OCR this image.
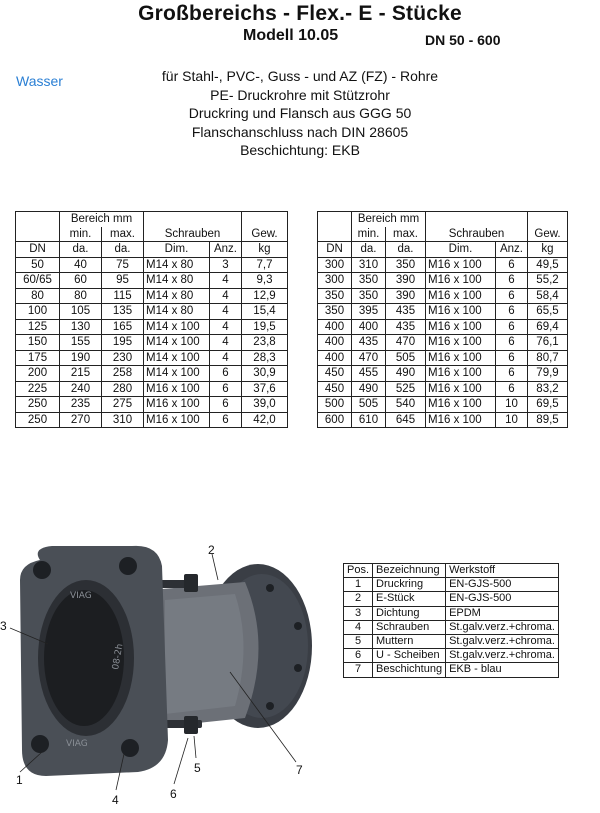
Großbereichs - Flex.- E - Stücke
Modell 10.05	DN 50 - 600
Wasser	für Stahl-, PVC-, Guss - und AZ (FZ) - Rohre
PE- Druckrohre mit Stützrohr
Druckring und Flansch aus GGG 50
Flanschanschluss nach DIN 28605
Beschichtung: EKB
	Bereich mm				
	min.	max.	Schrauben		Gew.
DN	da.	da.	Dim.	Anz.	kg
50	40	75	M14 x 80	3	7,7
60/65	60	95	M14 x 80	4	9,3
80	80	115	M14 x 80	4	12,9
100	105	135	M14 x 80	4	15,4
125	130	165	M14 x 100	4	19,5
150	155	195	M14 x 100	4	23,8
175	190	230	M14 x 100	4	28,3
200	215	258	M14 x 100	6	30,9
225	240	280	M16 x 100	6	37,6
250	235	275	M16 x 100	6	39,0
250	270	310	M16 x 100	6	42,0
	Bereich mm				
	min.	max.	Schrauben		Gew.
DN	da.	da.	Dim.	Anz.	kg
300	310	350	M16 x 100	6	49,5
300	350	390	M16 x 100	6	55,2
350	350	390	M16 x 100	6	58,4
350	395	435	M16 x 100	6	65,5
400	400	435	M16 x 100	6	69,4
400	435	470	M16 x 100	6	76,1
400	470	505	M16 x 100	6	80,7
450	455	490	M16 x 100	6	79,9
450	490	525	M16 x 100	6	83,2
500	505	540	M16 x 100	10	69,5
600	610	645	M16 x 100	10	89,5
VIAG
08-2h
VIAG
1
2
3
4
5
6
7
Pos.	Bezeichnung	Werkstoff
1	Druckring	EN-GJS-500
2	E-Stück	EN-GJS-500
3	Dichtung	EPDM
4	Schrauben	St.galv.verz.+chroma.
5	Muttern	St.galv.verz.+chroma.
6	U - Scheiben	St.galv.verz.+chroma.
7	Beschichtung	EKB - blau
